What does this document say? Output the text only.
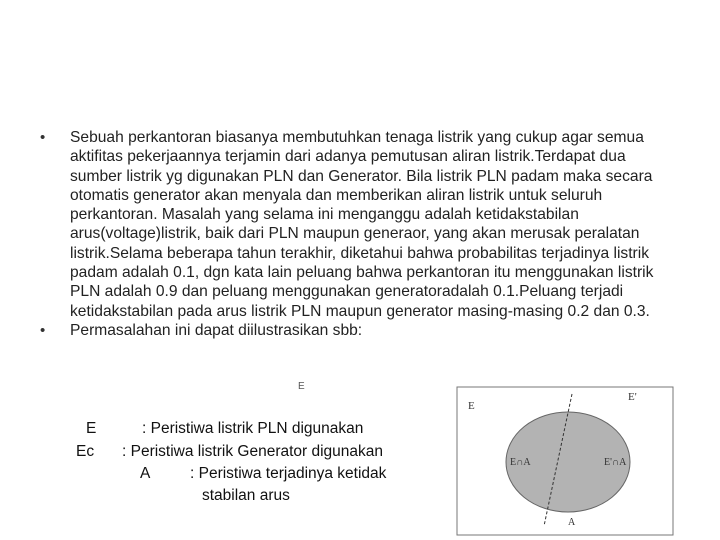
• Sebuah perkantoran biasanya membutuhkan tenaga listrik yang cukup agar semua aktifitas pekerjaannya terjamin dari adanya pemutusan aliran listrik.Terdapat dua sumber listrik yg digunakan PLN dan Generator. Bila listrik PLN padam maka secara otomatis generator akan menyala dan memberikan aliran listrik untuk seluruh perkantoran. Masalah yang selama ini menganggu adalah ketidakstabilan arus(voltage)listrik, baik dari PLN maupun generaor, yang akan merusak peralatan listrik.Selama beberapa tahun terakhir, diketahui bahwa probabilitas terjadinya listrik padam adalah 0.1, dgn kata lain peluang bahwa perkantoran itu menggunakan listrik PLN adalah 0.9 dan peluang menggunakan generatoradalah 0.1.Peluang terjadi ketidakstabilan pada arus listrik PLN maupun generator masing-masing 0.2 dan 0.3.
• Permasalahan ini dapat diilustrasikan sbb:
E
E	: Peristiwa listrik PLN digunakan
Ec : Peristiwa listrik Generator digunakan
A	: Peristiwa terjadinya ketidak
stabilan arus
E
E'
E∩A	E'∩A
A
